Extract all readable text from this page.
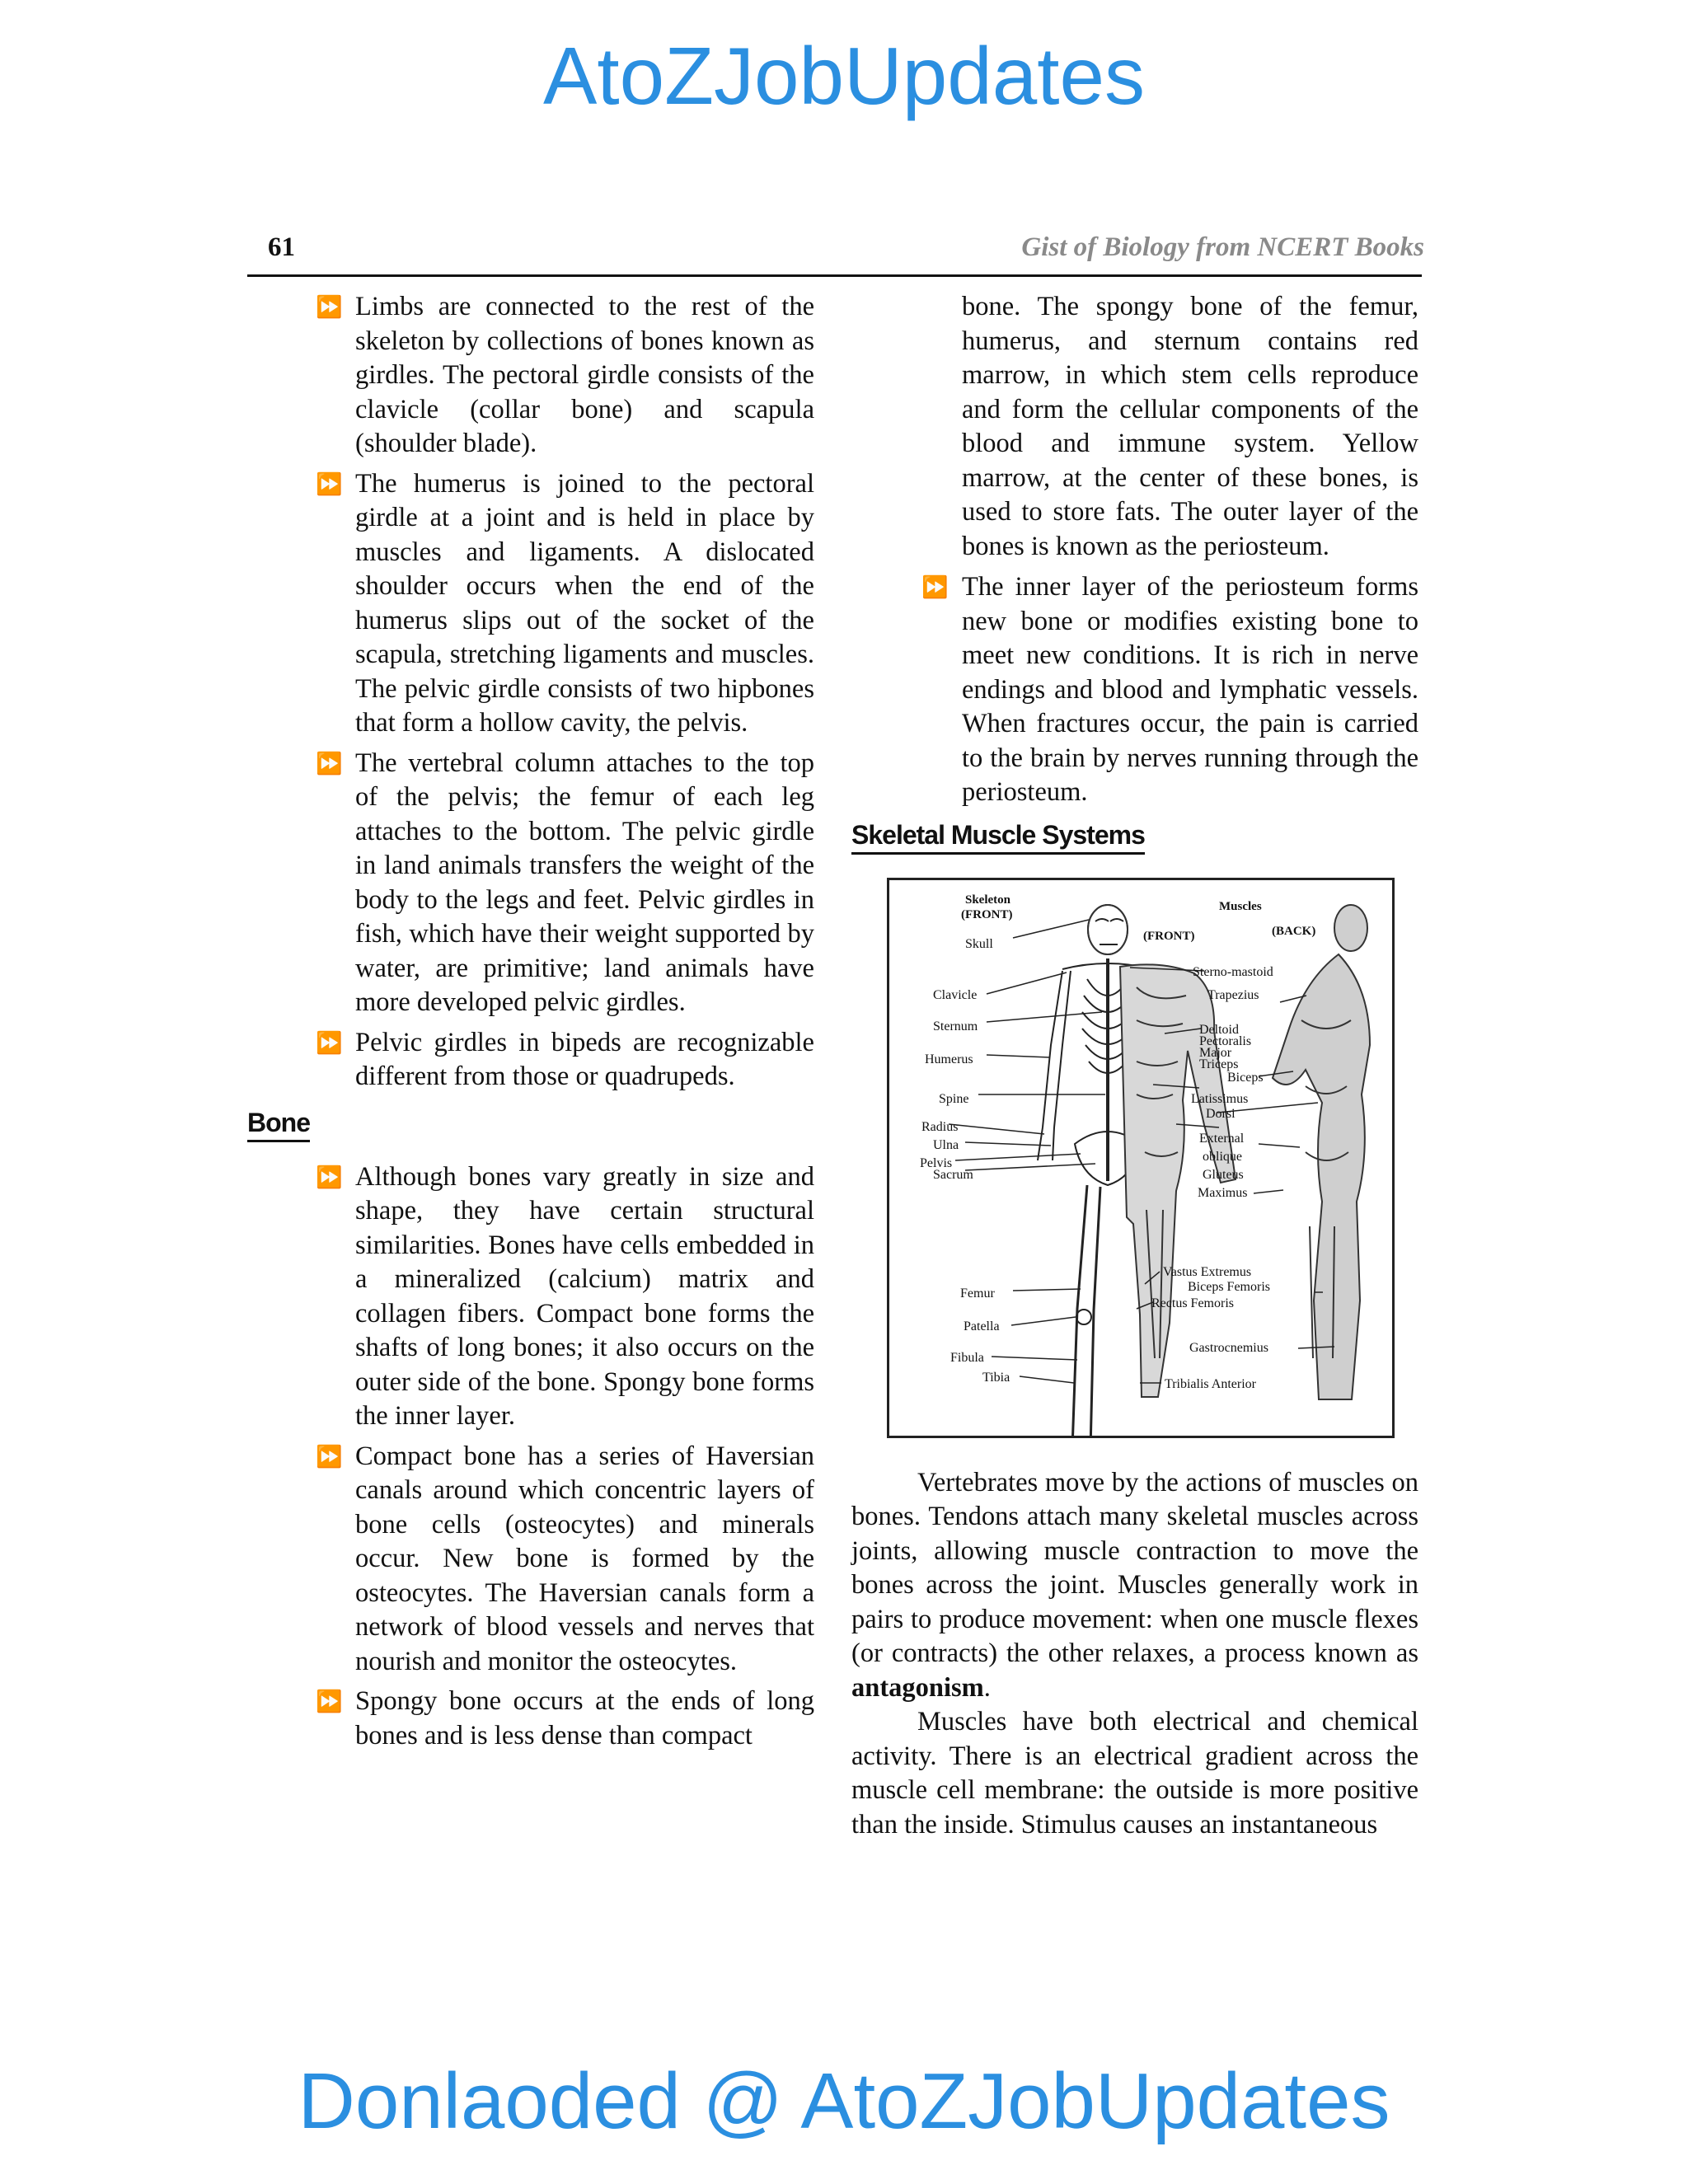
AtoZJobUpdates
61	Gist of Biology from NCERT Books
⏩ Limbs are connected to the rest of the skeleton by collections of bones known as girdles. The pectoral girdle consists of the clavicle (collar bone) and scapula (shoulder blade).
⏩ The humerus is joined to the pectoral girdle at a joint and is held in place by muscles and ligaments. A dislocated shoulder occurs when the end of the humerus slips out of the socket of the scapula, stretching ligaments and muscles. The pelvic girdle consists of two hipbones that form a hollow cavity, the pelvis.
⏩ The vertebral column attaches to the top of the pelvis; the femur of each leg attaches to the bottom. The pelvic girdle in land animals transfers the weight of the body to the legs and feet. Pelvic girdles in fish, which have their weight supported by water, are primitive; land animals have more developed pelvic girdles.
⏩ Pelvic girdles in bipeds are recognizable different from those or quadrupeds.
Bone
⏩ Although bones vary greatly in size and shape, they have certain structural similarities. Bones have cells embedded in a mineralized (calcium) matrix and collagen fibers. Compact bone forms the shafts of long bones; it also occurs on the outer side of the bone. Spongy bone forms the inner layer.
⏩ Compact bone has a series of Haversian canals around which concentric layers of bone cells (osteocytes) and minerals occur. New bone is formed by the osteocytes. The Haversian canals form a network of blood vessels and nerves that nourish and monitor the osteocytes.
⏩ Spongy bone occurs at the ends of long bones and is less dense than compact

bone. The spongy bone of the femur, humerus, and sternum contains red marrow, in which stem cells reproduce and form the cellular components of the blood and immune system. Yellow marrow, at the center of these bones, is used to store fats. The outer layer of the bones is known as the periosteum.

⏩ The inner layer of the periosteum forms new bone or modifies existing bone to meet new conditions. It is rich in nerve endings and blood and lymphatic vessels. When fractures occur, the pain is carried to the brain by nerves running through the periosteum.
Skeletal Muscle Systems
Skeleton
(FRONT)
Muscles
(FRONT)	(BACK)
Skull
Clavicle
Sternum
Humerus
Spine
Radius
Ulna
Pelvis
Sacrum
Femur
Patella
Fibula
Tibia
Sterno-mastoid
Trapezius
Deltoid
Pectoralis
Major
Triceps
Biceps
Latissimus
Dorsi
External
oblique
Gluteus
Maximus
Vastus Extremus
Biceps Femoris
Rectus Femoris
Gastrocnemius
Tribialis Anterior

Vertebrates move by the actions of muscles on bones. Tendons attach many skeletal muscles across joints, allowing muscle contraction to move the bones across the joint. Muscles generally work in pairs to produce movement: when one muscle flexes (or contracts) the other relaxes, a process known as antagonism.

Muscles have both electrical and chemical activity. There is an electrical gradient across the muscle cell membrane: the outside is more positive than the inside. Stimulus causes an instantaneous

Donlaoded @ AtoZJobUpdates
